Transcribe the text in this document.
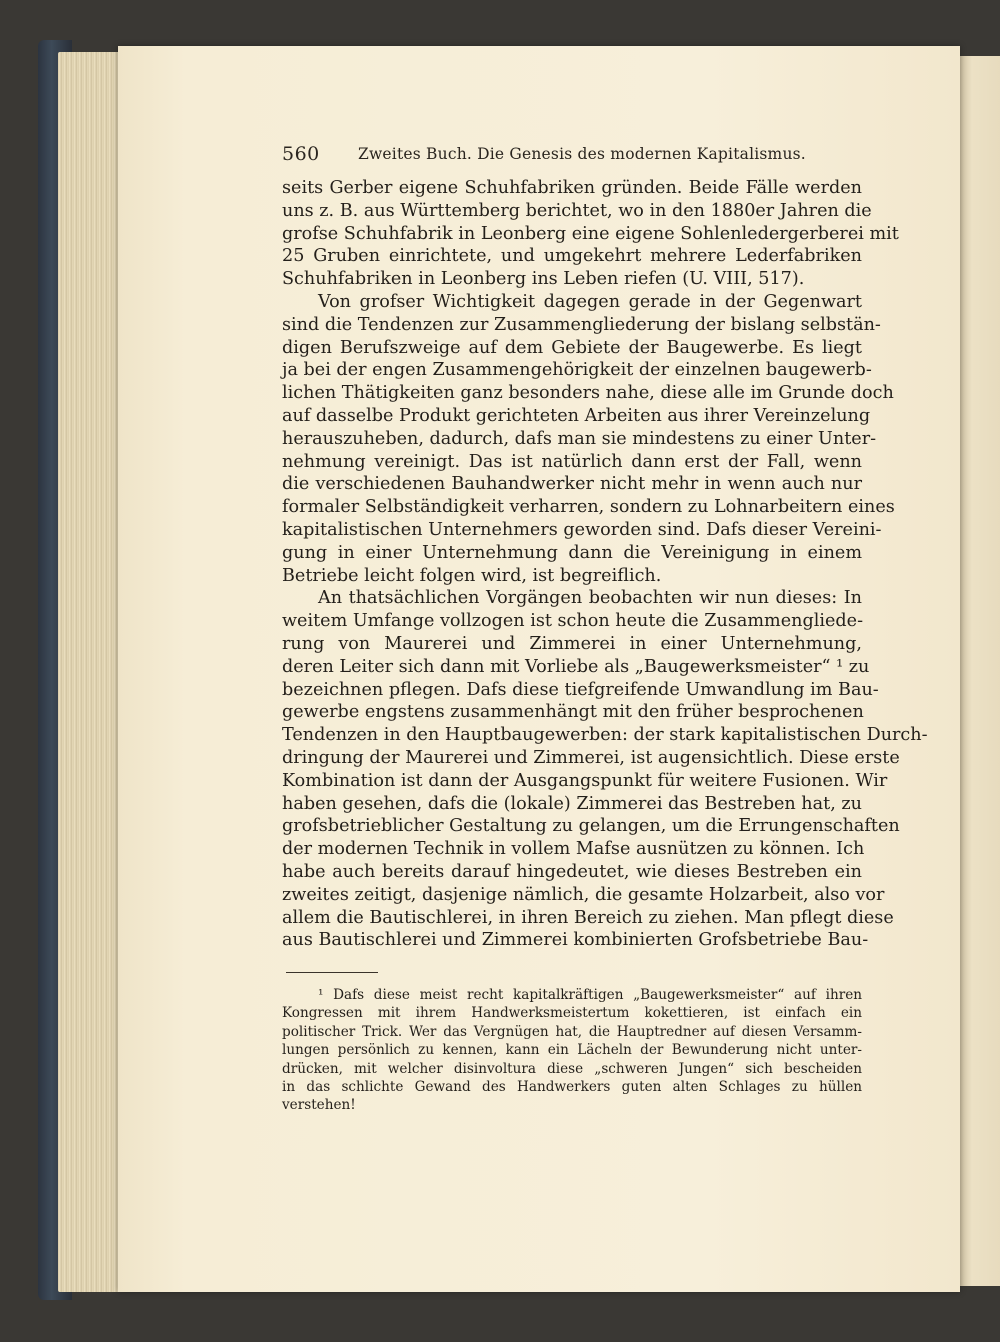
560 Zweites Buch. Die Genesis des modernen Kapitalismus.
seits Gerber eigene Schuhfabriken gründen. Beide Fälle werden
uns z. B. aus Württemberg berichtet, wo in den 1880er Jahren die
grofse Schuhfabrik in Leonberg eine eigene Sohlenledergerberei mit
25 Gruben einrichtete, und umgekehrt mehrere Lederfabriken
Schuhfabriken in Leonberg ins Leben riefen (U. VIII, 517).
Von grofser Wichtigkeit dagegen gerade in der Gegenwart
sind die Tendenzen zur Zusammengliederung der bislang selbstän-
digen Berufszweige auf dem Gebiete der Baugewerbe. Es liegt
ja bei der engen Zusammengehörigkeit der einzelnen baugewerb-
lichen Thätigkeiten ganz besonders nahe, diese alle im Grunde doch
auf dasselbe Produkt gerichteten Arbeiten aus ihrer Vereinzelung
herauszuheben, dadurch, dafs man sie mindestens zu einer Unter-
nehmung vereinigt. Das ist natürlich dann erst der Fall, wenn
die verschiedenen Bauhandwerker nicht mehr in wenn auch nur
formaler Selbständigkeit verharren, sondern zu Lohnarbeitern eines
kapitalistischen Unternehmers geworden sind. Dafs dieser Vereini-
gung in einer Unternehmung dann die Vereinigung in einem
Betriebe leicht folgen wird, ist begreiflich.
An thatsächlichen Vorgängen beobachten wir nun dieses: In
weitem Umfange vollzogen ist schon heute die Zusammengliede-
rung von Maurerei und Zimmerei in einer Unternehmung,
deren Leiter sich dann mit Vorliebe als „Baugewerksmeister“ ¹ zu
bezeichnen pflegen. Dafs diese tiefgreifende Umwandlung im Bau-
gewerbe engstens zusammenhängt mit den früher besprochenen
Tendenzen in den Hauptbaugewerben: der stark kapitalistischen Durch-
dringung der Maurerei und Zimmerei, ist augensichtlich. Diese erste
Kombination ist dann der Ausgangspunkt für weitere Fusionen. Wir
haben gesehen, dafs die (lokale) Zimmerei das Bestreben hat, zu
grofsbetrieblicher Gestaltung zu gelangen, um die Errungenschaften
der modernen Technik in vollem Mafse ausnützen zu können. Ich
habe auch bereits darauf hingedeutet, wie dieses Bestreben ein
zweites zeitigt, dasjenige nämlich, die gesamte Holzarbeit, also vor
allem die Bautischlerei, in ihren Bereich zu ziehen. Man pflegt diese
aus Bautischlerei und Zimmerei kombinierten Grofsbetriebe Bau-
¹ Dafs diese meist recht kapitalkräftigen „Baugewerksmeister“ auf ihren
Kongressen mit ihrem Handwerksmeistertum kokettieren, ist einfach ein
politischer Trick. Wer das Vergnügen hat, die Hauptredner auf diesen Versamm-
lungen persönlich zu kennen, kann ein Lächeln der Bewunderung nicht unter-
drücken, mit welcher disinvoltura diese „schweren Jungen“ sich bescheiden
in das schlichte Gewand des Handwerkers guten alten Schlages zu hüllen
verstehen!
